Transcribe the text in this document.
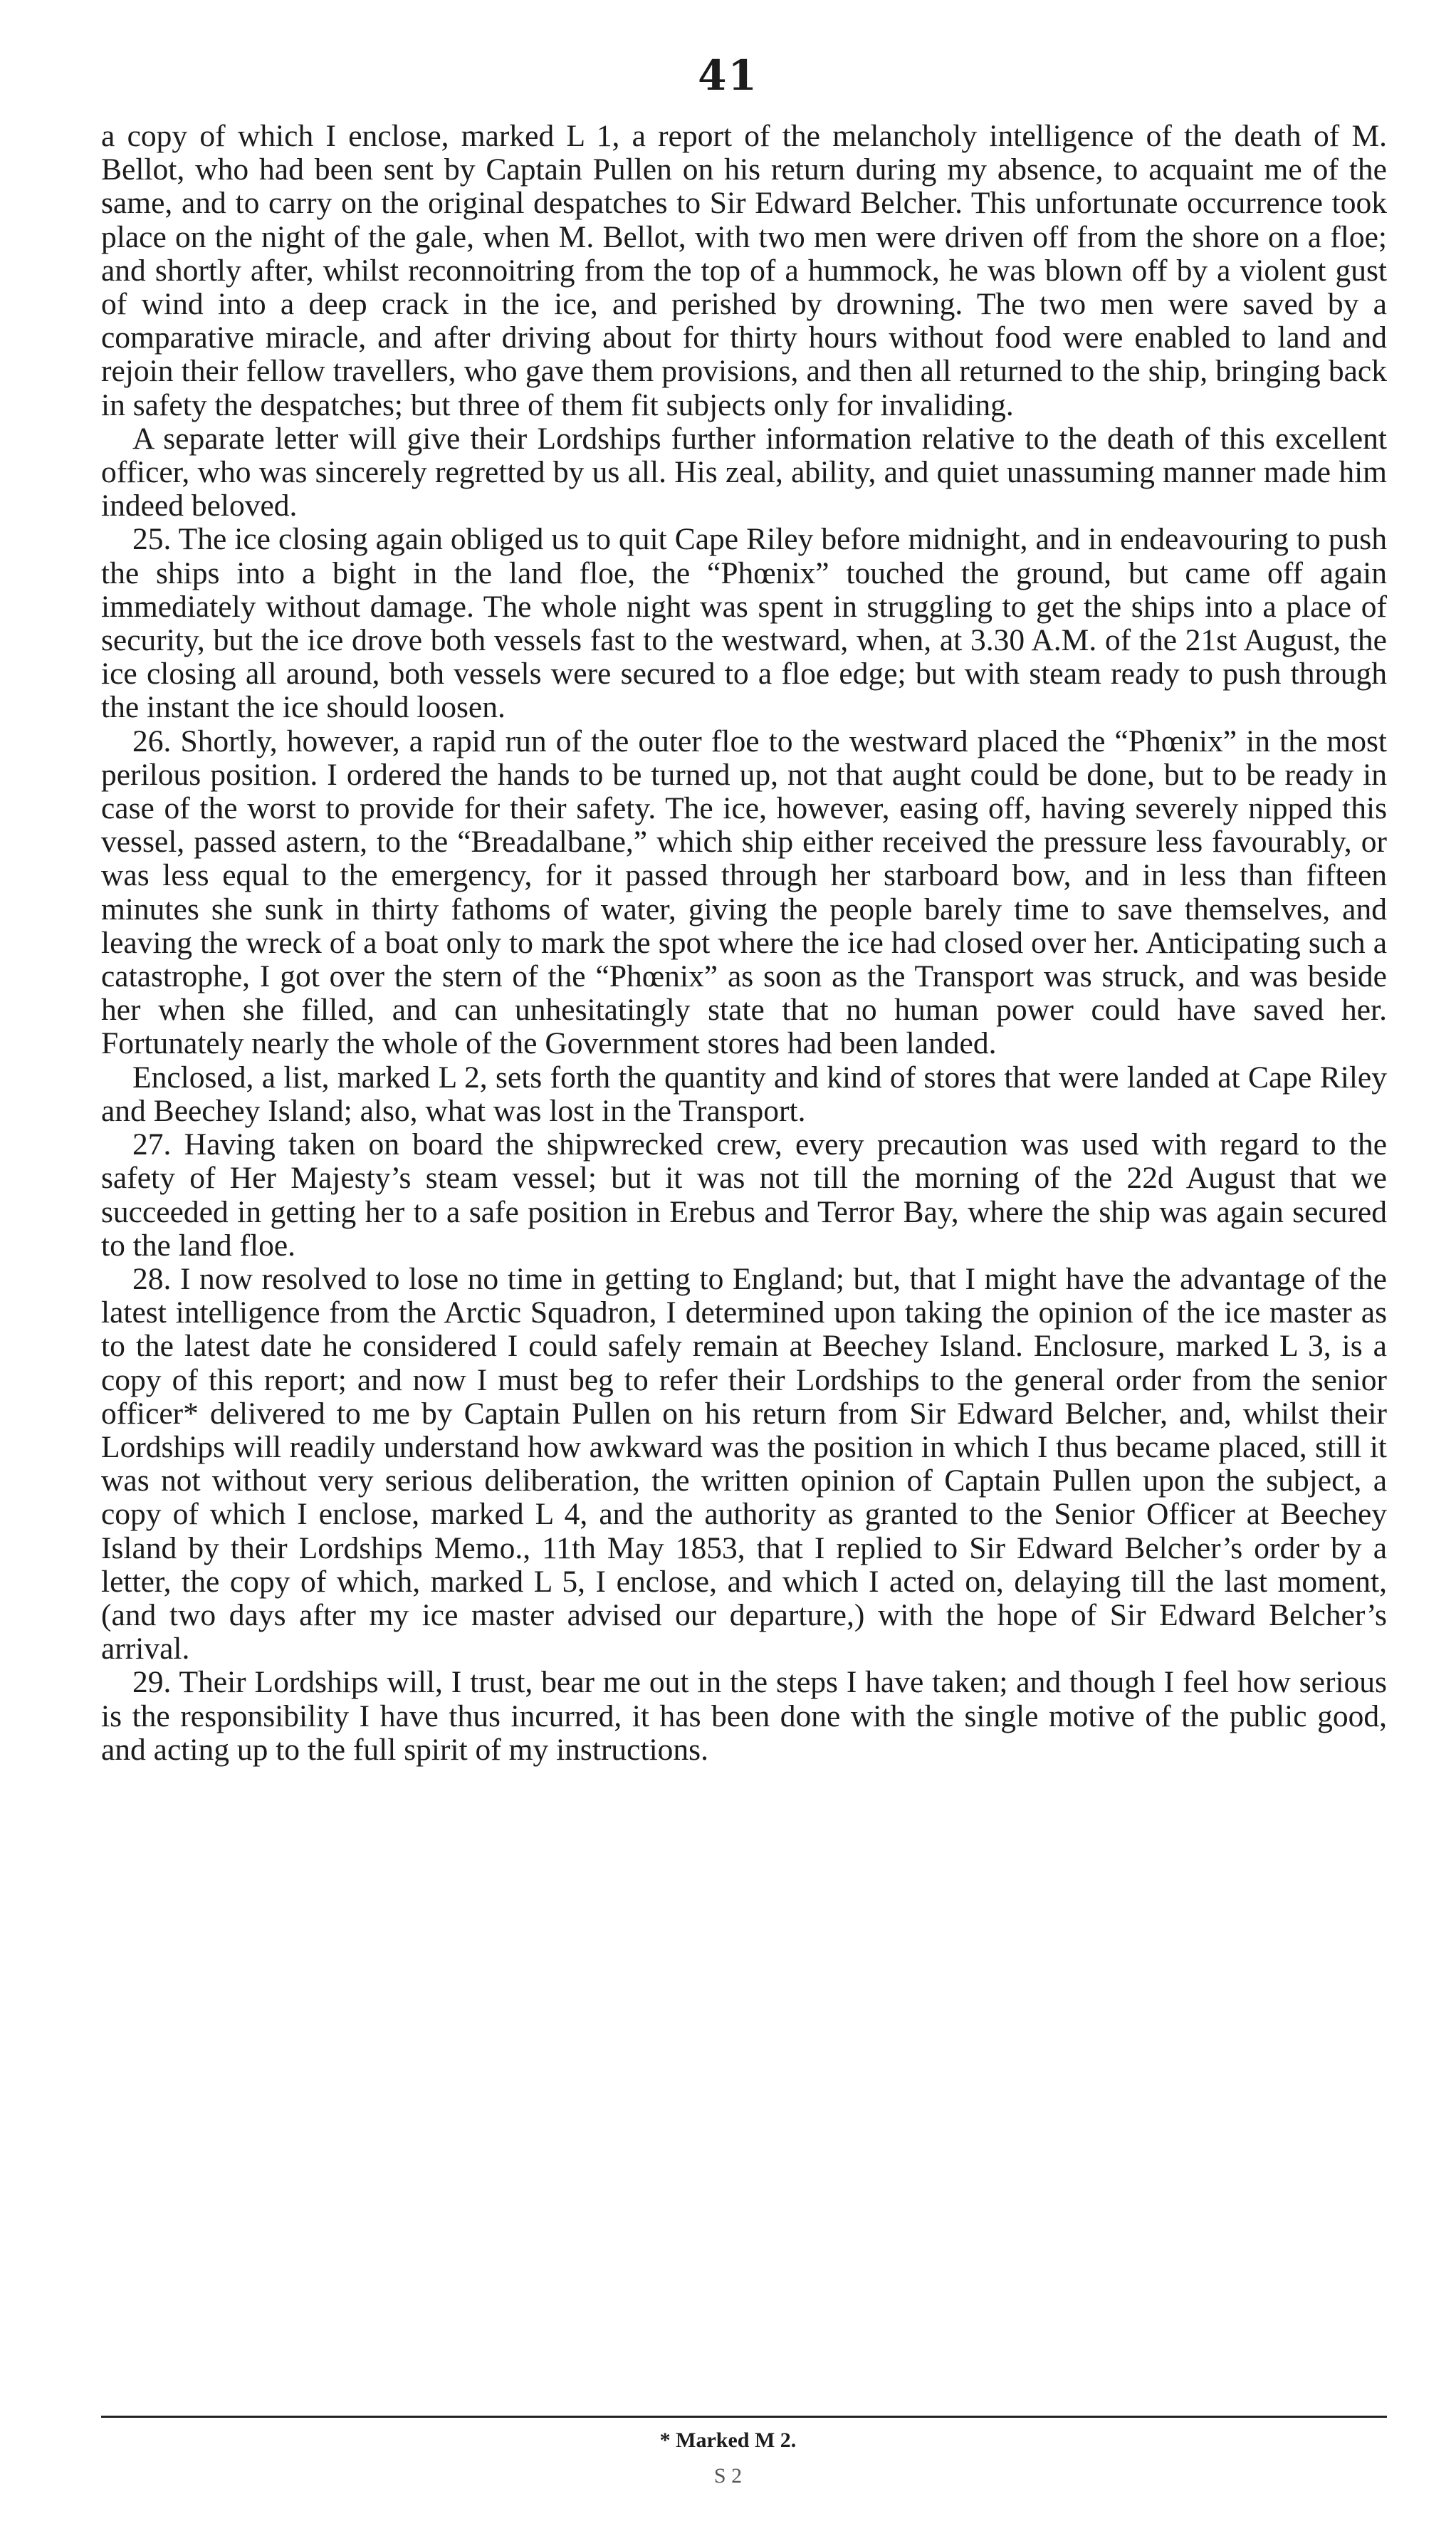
41

a copy of which I enclose, marked L 1, a report of the melancholy intelligence of the death of M. Bellot, who had been sent by Captain Pullen on his return during my absence, to acquaint me of the same, and to carry on the original despatches to Sir Edward Belcher. This unfortunate occurrence took place on the night of the gale, when M. Bellot, with two men were driven off from the shore on a floe; and shortly after, whilst reconnoitring from the top of a hummock, he was blown off by a violent gust of wind into a deep crack in the ice, and perished by drowning. The two men were saved by a comparative miracle, and after driving about for thirty hours without food were enabled to land and rejoin their fellow travellers, who gave them provisions, and then all returned to the ship, bringing back in safety the despatches; but three of them fit subjects only for invaliding.

A separate letter will give their Lordships further information relative to the death of this excellent officer, who was sincerely regretted by us all. His zeal, ability, and quiet unassuming manner made him indeed beloved.

25. The ice closing again obliged us to quit Cape Riley before midnight, and in endeavouring to push the ships into a bight in the land floe, the “Phœnix” touched the ground, but came off again immediately without damage. The whole night was spent in struggling to get the ships into a place of security, but the ice drove both vessels fast to the westward, when, at 3.30 A.M. of the 21st August, the ice closing all around, both vessels were secured to a floe edge; but with steam ready to push through the instant the ice should loosen.

26. Shortly, however, a rapid run of the outer floe to the westward placed the “Phœnix” in the most perilous position. I ordered the hands to be turned up, not that aught could be done, but to be ready in case of the worst to provide for their safety. The ice, however, easing off, having severely nipped this vessel, passed astern, to the “Breadalbane,” which ship either received the pressure less favourably, or was less equal to the emergency, for it passed through her starboard bow, and in less than fifteen minutes she sunk in thirty fathoms of water, giving the people barely time to save themselves, and leaving the wreck of a boat only to mark the spot where the ice had closed over her. Anticipating such a catastrophe, I got over the stern of the “Phœnix” as soon as the Transport was struck, and was beside her when she filled, and can unhesitatingly state that no human power could have saved her. Fortunately nearly the whole of the Government stores had been landed.

Enclosed, a list, marked L 2, sets forth the quantity and kind of stores that were landed at Cape Riley and Beechey Island; also, what was lost in the Transport.

27. Having taken on board the shipwrecked crew, every precaution was used with regard to the safety of Her Majesty’s steam vessel; but it was not till the morning of the 22d August that we succeeded in getting her to a safe position in Erebus and Terror Bay, where the ship was again secured to the land floe.

28. I now resolved to lose no time in getting to England; but, that I might have the advantage of the latest intelligence from the Arctic Squadron, I determined upon taking the opinion of the ice master as to the latest date he considered I could safely remain at Beechey Island. Enclosure, marked L 3, is a copy of this report; and now I must beg to refer their Lordships to the general order from the senior officer* delivered to me by Captain Pullen on his return from Sir Edward Belcher, and, whilst their Lordships will readily understand how awkward was the position in which I thus became placed, still it was not without very serious deliberation, the written opinion of Captain Pullen upon the subject, a copy of which I enclose, marked L 4, and the authority as granted to the Senior Officer at Beechey Island by their Lordships Memo., 11th May 1853, that I replied to Sir Edward Belcher’s order by a letter, the copy of which, marked L 5, I enclose, and which I acted on, delaying till the last moment, (and two days after my ice master advised our departure,) with the hope of Sir Edward Belcher’s arrival.

29. Their Lordships will, I trust, bear me out in the steps I have taken; and though I feel how serious is the responsibility I have thus incurred, it has been done with the single motive of the public good, and acting up to the full spirit of my instructions.

* Marked M 2.
S 2
